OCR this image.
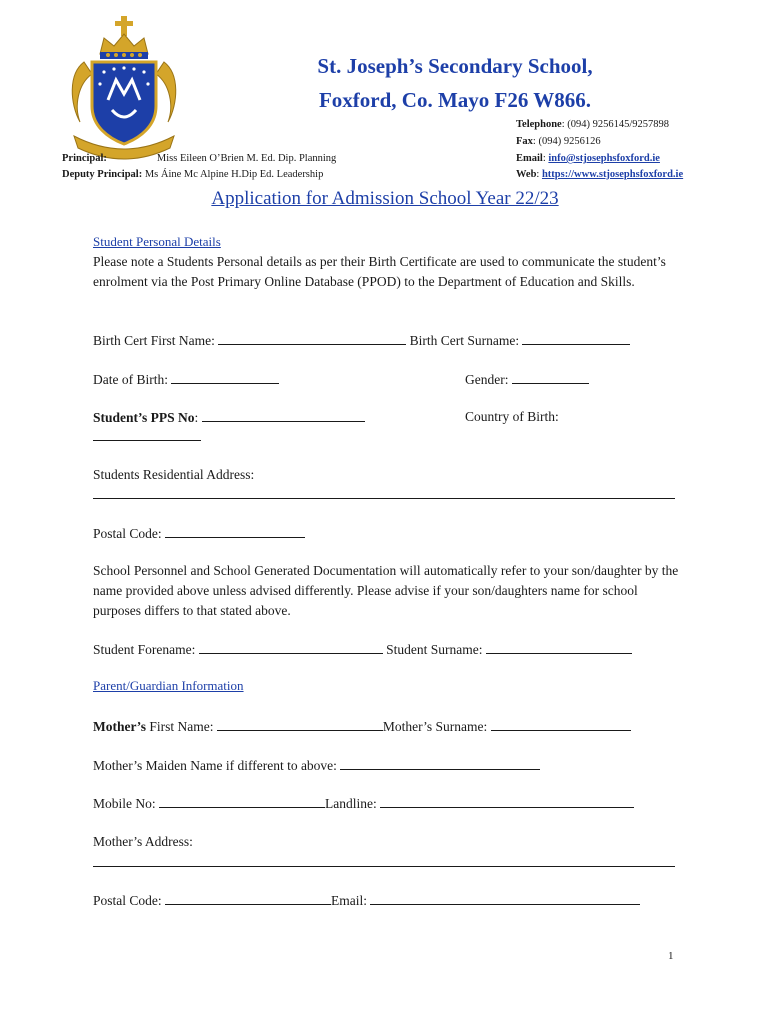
St. Joseph’s Secondary School,
Foxford, Co. Mayo F26 W866.
Telephone: (094) 9256145/9257898
Fax: (094) 9256126
Email: info@stjosephsfoxford.ie
Web: https://www.stjosephsfoxford.ie
Principal:	Miss Eileen O’Brien M. Ed. Dip. Planning
Deputy Principal: Ms Áine Mc Alpine H.Dip Ed. Leadership
Application for Admission School Year 22/23
Student Personal Details
Please note a Students Personal details as per their Birth Certificate are used to communicate the student’s enrolment via the Post Primary Online Database (PPOD) to the Department of Education and Skills.
Birth Cert First Name:	Birth Cert Surname:
Date of Birth:	Gender:
Student’s PPS No:	Country of Birth:
Students Residential Address:
Postal Code:
School Personnel and School Generated Documentation will automatically refer to your son/daughter by the name provided above unless advised differently. Please advise if your son/daughters name for school purposes differs to that stated above.
Student Forename:	Student Surname:
Parent/Guardian Information
Mother’s First Name:	Mother’s Surname:
Mother’s Maiden Name if different to above:
Mobile No:	Landline:
Mother’s Address:
Postal Code:	Email:
1
